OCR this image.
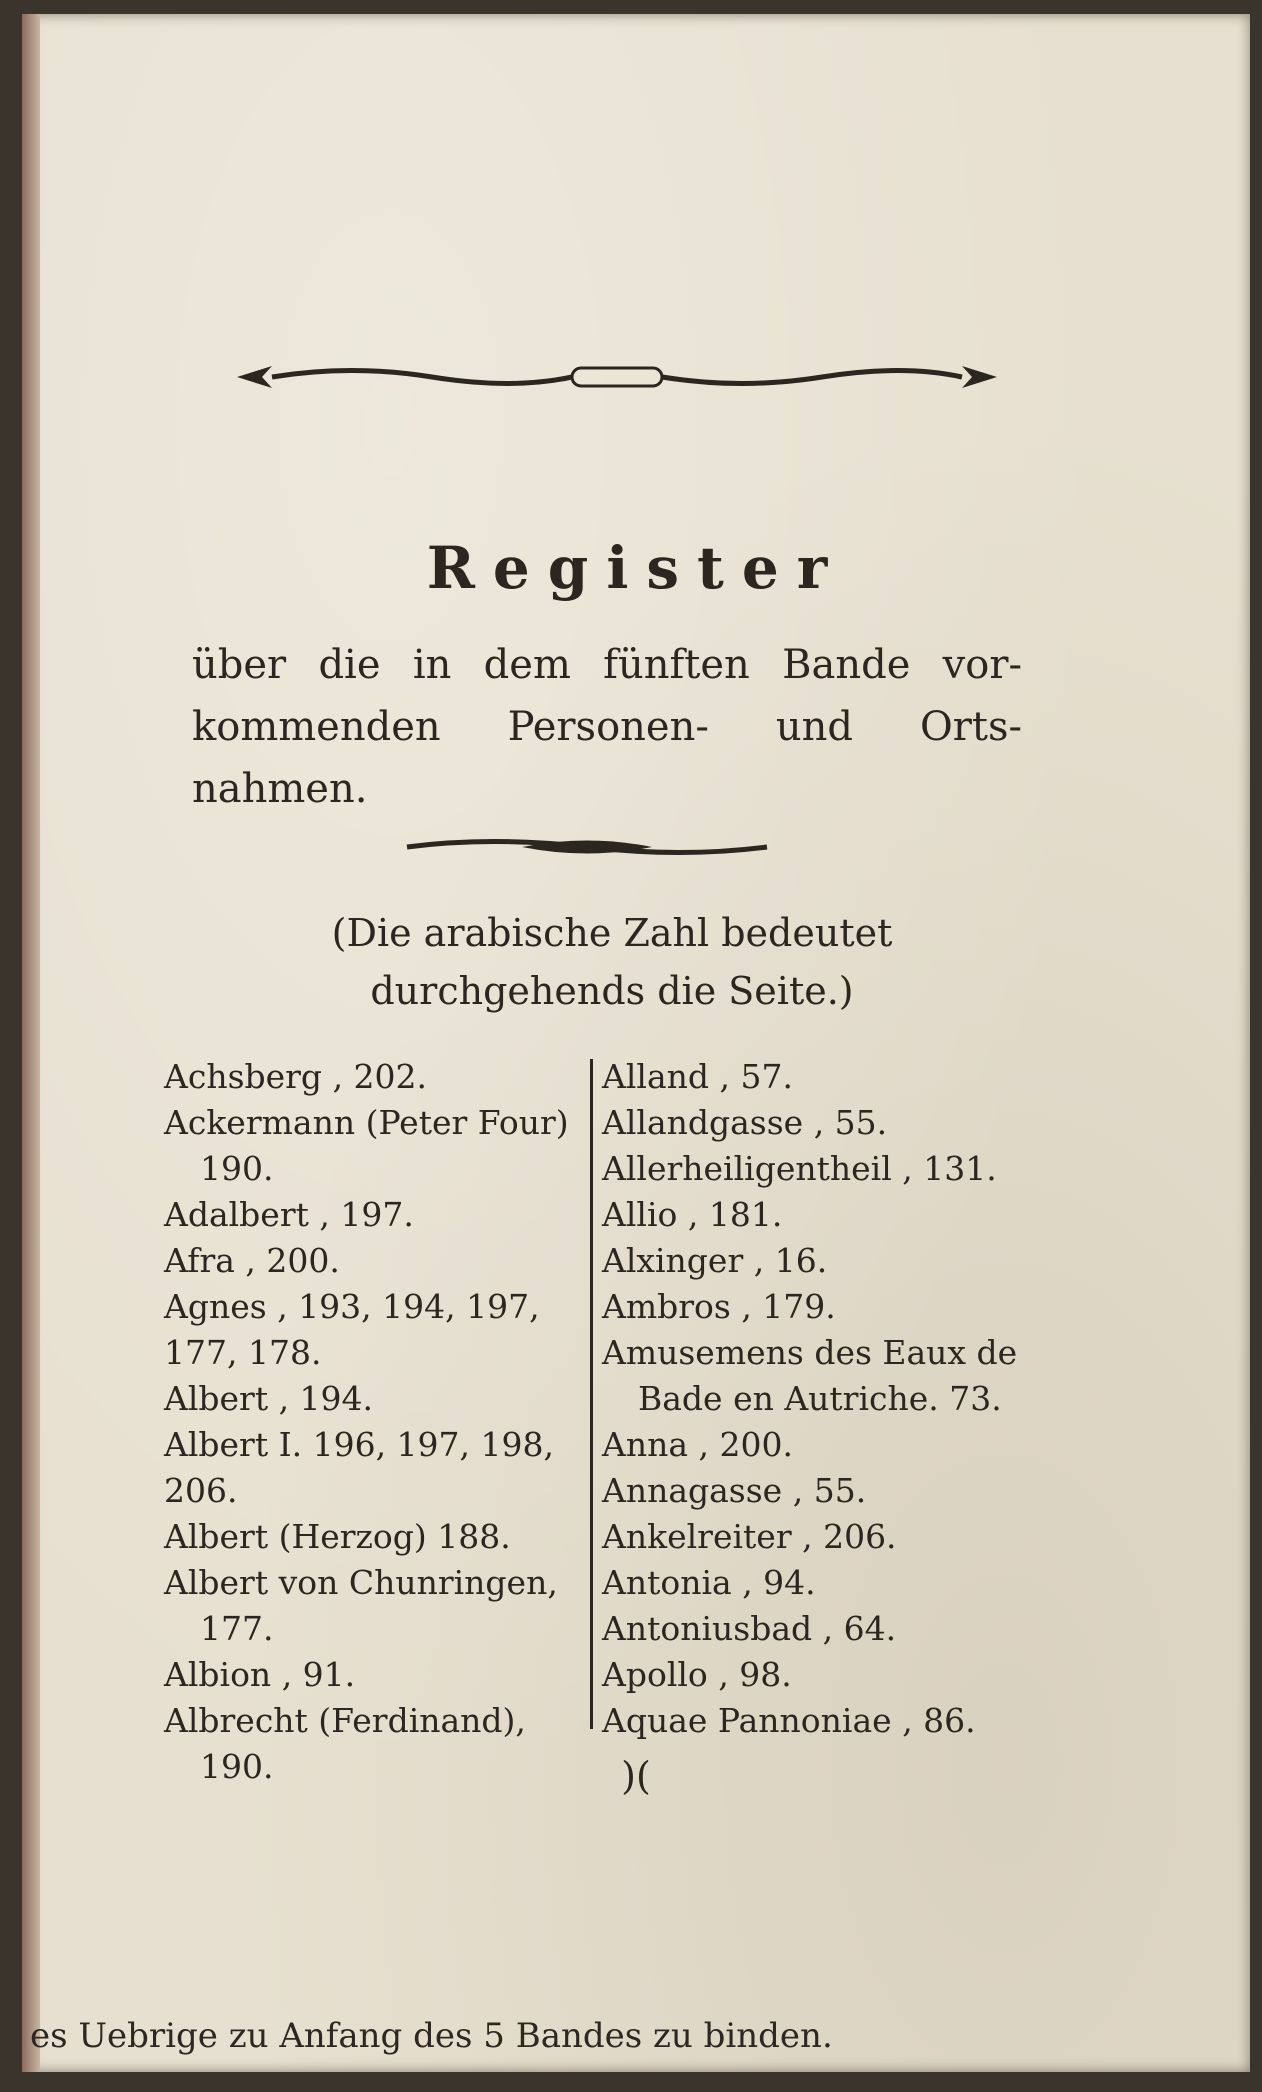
Register
über die in dem fünften Bande vor- kommenden Personen- und Orts- nahmen.
(Die arabische Zahl bedeutet durchgehends die Seite.)

Achsberg , 202.

Ackermann (Peter Four)
190.

Adalbert , 197.

Afra , 200.

Agnes , 193, 194, 197, 177, 178.

Albert , 194.

Albert I. 196, 197, 198, 206.

Albert (Herzog) 188.

Albert von Chunringen,
177.

Albion , 91.

Albrecht (Ferdinand),
190.

Alland , 57.

Allandgasse , 55.

Allerheiligentheil , 131.

Allio , 181.

Alxinger , 16.

Ambros , 179.

Amusemens des Eaux de
Bade en Autriche. 73.

Anna , 200.

Annagasse , 55.

Ankelreiter , 206.

Antonia , 94.

Antoniusbad , 64.

Apollo , 98.

Aquae Pannoniae , 86.

)(
es Uebrige zu Anfang des 5 Bandes zu binden.
